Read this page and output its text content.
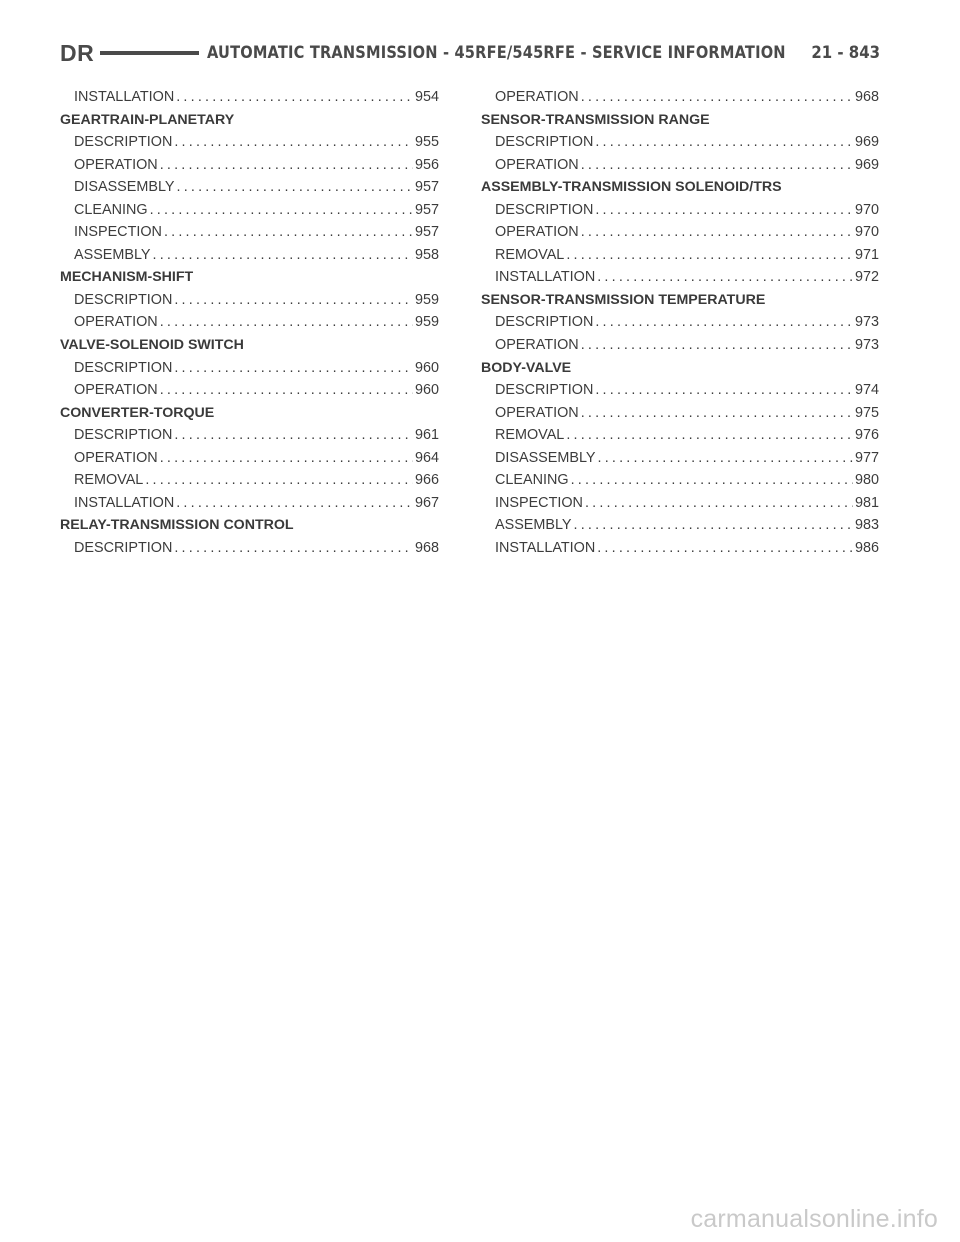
DR	AUTOMATIC TRANSMISSION - 45RFE/545RFE - SERVICE INFORMATION 21 - 843
INSTALLATION . . .	954
GEARTRAIN-PLANETARY
DESCRIPTION . . .	955
OPERATION . . .	956
DISASSEMBLY . . .	957
CLEANING . . .	957
INSPECTION . . .	957
ASSEMBLY . . .	958
MECHANISM-SHIFT
DESCRIPTION . . .	959
OPERATION . . .	959
VALVE-SOLENOID SWITCH
DESCRIPTION . . .	960
OPERATION . . .	960
CONVERTER-TORQUE
DESCRIPTION . . .	961
OPERATION . . .	964
REMOVAL . . .	966
INSTALLATION . . .	967
RELAY-TRANSMISSION CONTROL
DESCRIPTION . . .	968
OPERATION . . .	968
SENSOR-TRANSMISSION RANGE
DESCRIPTION . . .	969
OPERATION . . .	969
ASSEMBLY-TRANSMISSION SOLENOID/TRS
DESCRIPTION . . .	970
OPERATION . . .	970
REMOVAL . . .	971
INSTALLATION . . .	972
SENSOR-TRANSMISSION TEMPERATURE
DESCRIPTION . . .	973
OPERATION . . .	973
BODY-VALVE
DESCRIPTION . . .	974
OPERATION . . .	975
REMOVAL . . .	976
DISASSEMBLY . . .	977
CLEANING . . .	980
INSPECTION . . .	981
ASSEMBLY . . .	983
INSTALLATION . . .	986
carmanualsonline.info
